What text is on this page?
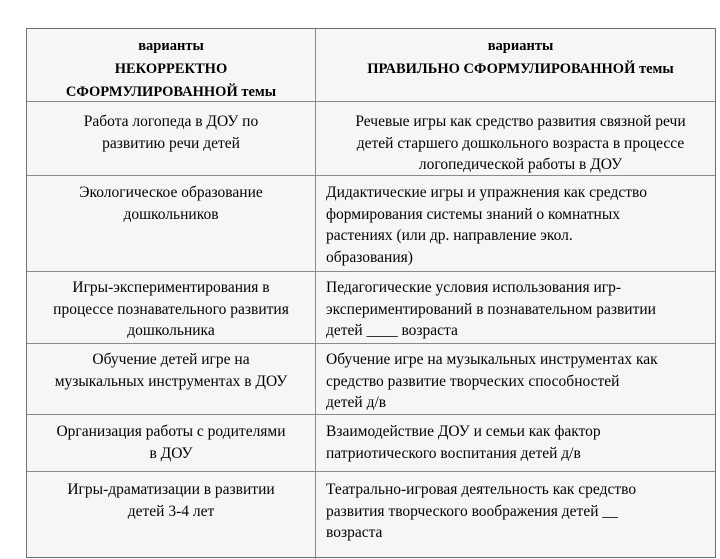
варианты
НЕКОРРЕКТНО
СФОРМУЛИРОВАННОЙ темы
варианты
ПРАВИЛЬНО СФОРМУЛИРОВАННОЙ темы
Работа логопеда в ДОУ по
развитию речи детей
Речевые игры как средство развития связной речи
детей старшего дошкольного возраста в процессе
логопедической работы в ДОУ
Экологическое образование
дошкольников
Дидактические игры и упражнения как средство
формирования системы знаний о комнатных
растениях (или др. направление экол.
образования)
Игры-экспериментирования в
процессе познавательного развития
дошкольника
Педагогические условия использования игр-
экспериментирований в познавательном развитии
детей ____ возраста
Обучение детей игре на
музыкальных инструментах в ДОУ
Обучение игре на музыкальных инструментах как
средство развитие творческих способностей
детей д/в
Организация работы с родителями
в ДОУ
Взаимодействие ДОУ и семьи как фактор
патриотического воспитания детей д/в
Игры-драматизации в развитии
детей 3-4 лет
Театрально-игровая деятельность как средство
развития творческого воображения детей __
возраста
